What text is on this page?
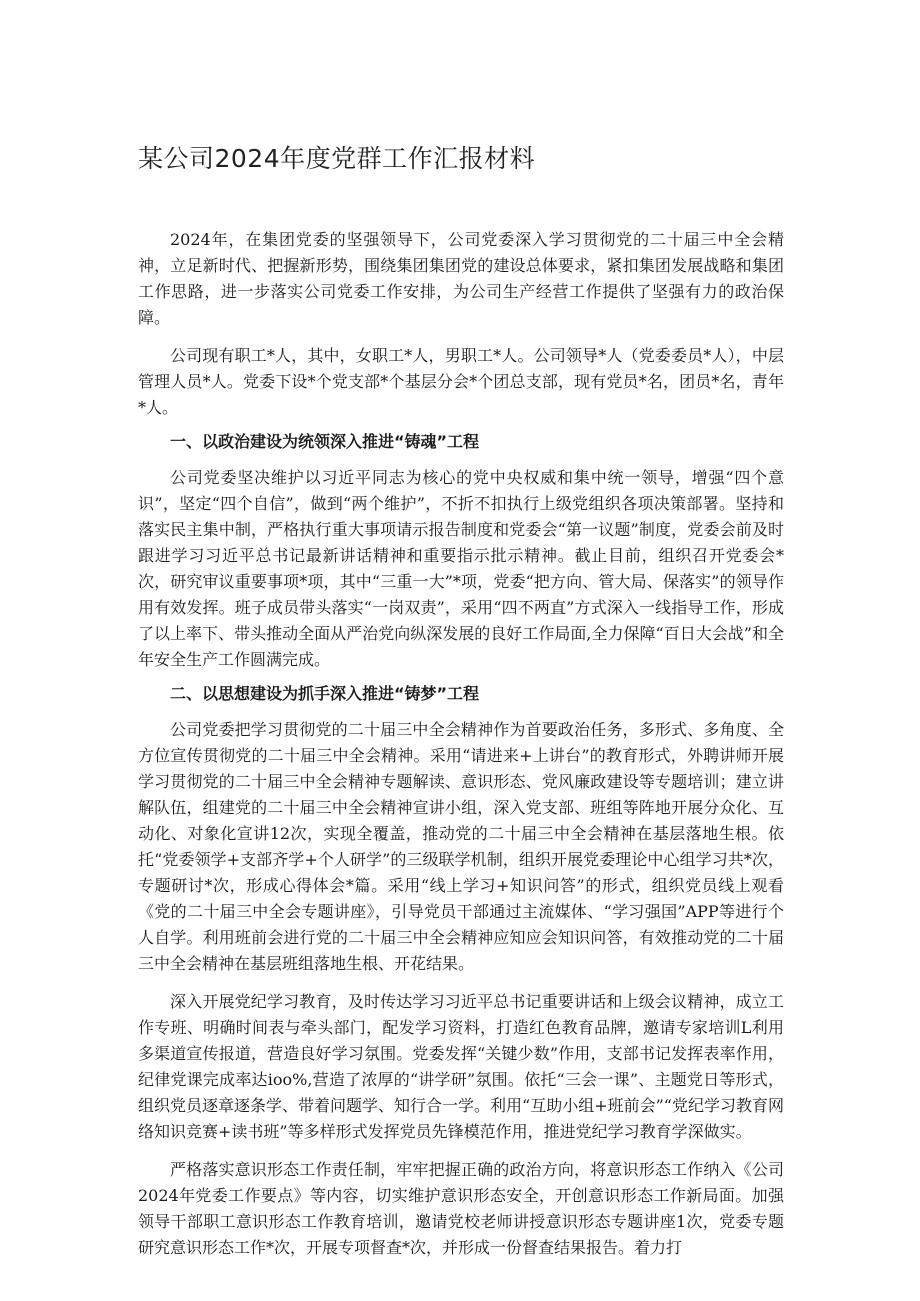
某公司2024年度党群工作汇报材料

2024年，在集团党委的坚强领导下，公司党委深入学习贯彻党的二十届三中全会精神，立足新时代、把握新形势，围绕集团集团党的建设总体要求，紧扣集团发展战略和集团工作思路，进一步落实公司党委工作安排，为公司生产经营工作提供了坚强有力的政治保障。

公司现有职工*人，其中，女职工*人，男职工*人。公司领导*人（党委委员*人），中层管理人员*人。党委下设*个党支部*个基层分会*个团总支部，现有党员*名，团员*名，青年*人。

一、以政治建设为统领深入推进“铸魂”工程

公司党委坚决维护以习近平同志为核心的党中央权威和集中统一领导，增强“四个意识”，坚定“四个自信”，做到“两个维护”，不折不扣执行上级党组织各项决策部署。坚持和落实民主集中制，严格执行重大事项请示报告制度和党委会“第一议题”制度，党委会前及时跟进学习习近平总书记最新讲话精神和重要指示批示精神。截止目前，组织召开党委会*次，研究审议重要事项*项，其中“三重一大”*项，党委“把方向、管大局、保落实”的领导作用有效发挥。班子成员带头落实“一岗双责”，采用“四不两直”方式深入一线指导工作，形成了以上率下、带头推动全面从严治党向纵深发展的良好工作局面,全力保障“百日大会战”和全年安全生产工作圆满完成。

二、以思想建设为抓手深入推进“铸梦”工程

公司党委把学习贯彻党的二十届三中全会精神作为首要政治任务，多形式、多角度、全方位宣传贯彻党的二十届三中全会精神。采用“请进来+上讲台”的教育形式，外聘讲师开展学习贯彻党的二十届三中全会精神专题解读、意识形态、党风廉政建设等专题培训；建立讲解队伍，组建党的二十届三中全会精神宣讲小组，深入党支部、班组等阵地开展分众化、互动化、对象化宣讲12次，实现全覆盖，推动党的二十届三中全会精神在基层落地生根。依托“党委领学+支部齐学+个人研学”的三级联学机制，组织开展党委理论中心组学习共*次，专题研讨*次，形成心得体会*篇。采用“线上学习+知识问答”的形式，组织党员线上观看《党的二十届三中全会专题讲座》，引导党员干部通过主流媒体、“学习强国”APP等进行个人自学。利用班前会进行党的二十届三中全会精神应知应会知识问答，有效推动党的二十届三中全会精神在基层班组落地生根、开花结果。

深入开展党纪学习教育，及时传达学习习近平总书记重要讲话和上级会议精神，成立工作专班、明确时间表与牵头部门，配发学习资料，打造红色教育品牌，邀请专家培训L利用多渠道宣传报道，营造良好学习氛围。党委发挥“关键少数”作用，支部书记发挥表率作用，纪律党课完成率达ioo%,营造了浓厚的“讲学研”氛围。依托“三会一课”、主题党日等形式，组织党员逐章逐条学、带着问题学、知行合一学。利用“互助小组+班前会”“党纪学习教育网络知识竞赛+读书班”等多样形式发挥党员先锋模范作用，推进党纪学习教育学深做实。

严格落实意识形态工作责任制，牢牢把握正确的政治方向，将意识形态工作纳入《公司2024年党委工作要点》等内容，切实维护意识形态安全，开创意识形态工作新局面。加强领导干部职工意识形态工作教育培训，邀请党校老师讲授意识形态专题讲座1次，党委专题研究意识形态工作*次，开展专项督查*次，并形成一份督查结果报告。着力打
